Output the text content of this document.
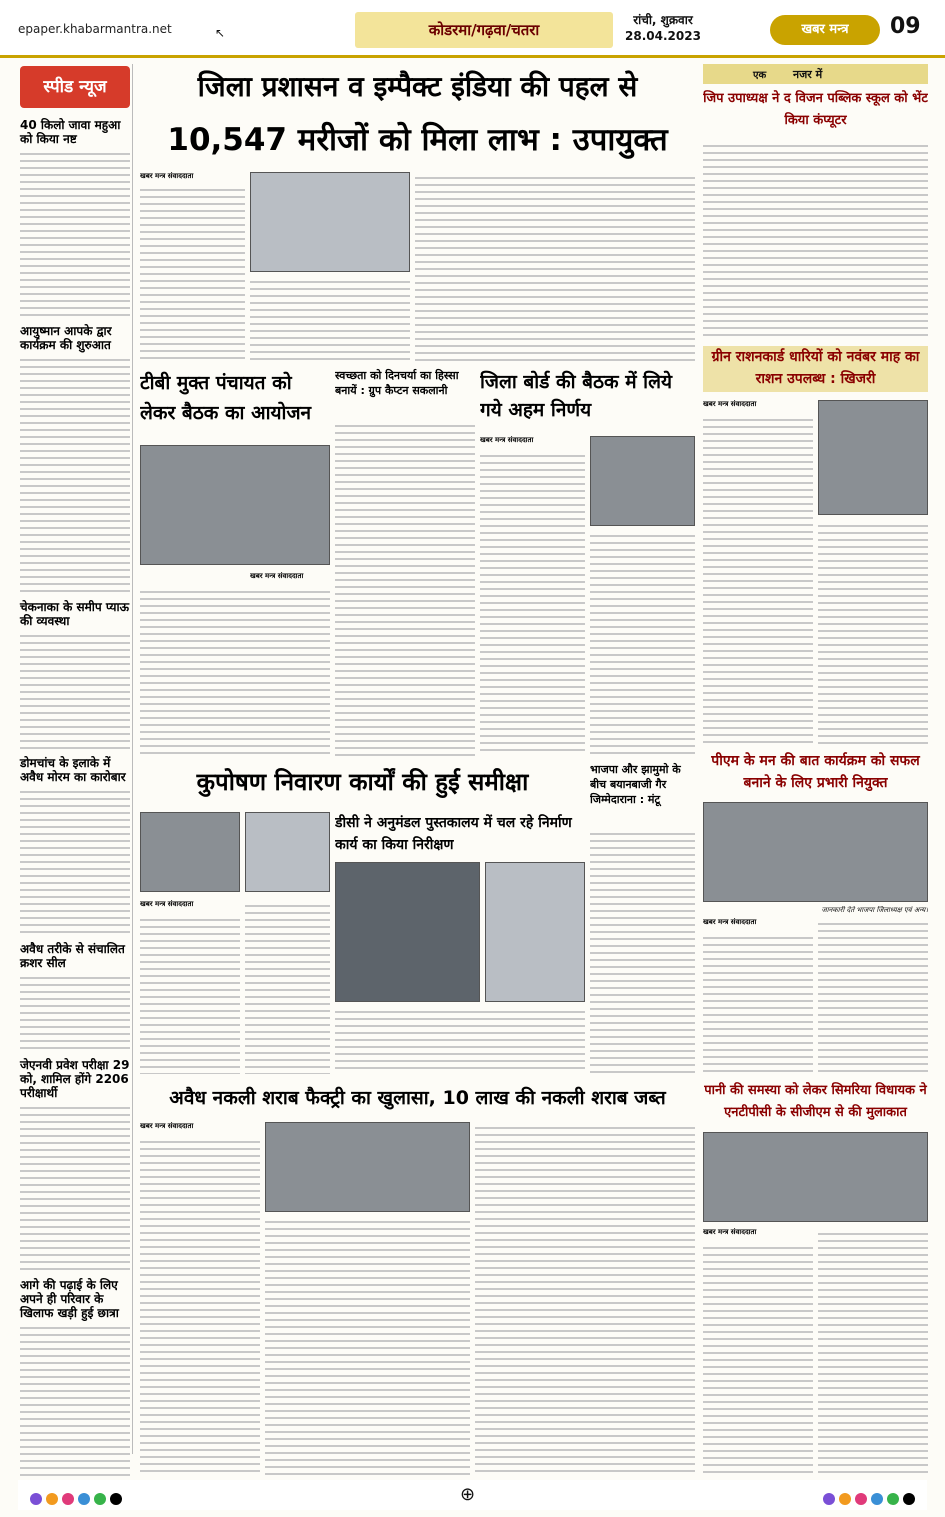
epaper.khabarmantra.net	↖	कोडरमा/गढ़वा/चतरा
रांची, शुक्रवार
28.04.2023	खबर मन्त्र	09
स्पीड न्यूज
40 किलो जावा महुआ को किया नष्ट
आयुष्मान आपके द्वार कार्यक्रम की शुरुआत
चेकनाका के समीप प्याऊ की व्यवस्था
डोमचांच के इलाके में अवैध मोरम का कारोबार
अवैध तरीके से संचालित क्रशर सील
जेएनवी प्रवेश परीक्षा 29 को, शामिल होंगे 2206 परीक्षार्थी
आगे की पढ़ाई के लिए अपने ही परिवार के खिलाफ खड़ी हुई छात्रा
जिला प्रशासन व इम्पैक्ट इंडिया की पहल से
10,547 मरीजों को मिला लाभ : उपायुक्त
खबर मन्त्र संवाददाता
टीबी मुक्त पंचायत को लेकर बैठक का आयोजन
खबर मन्त्र संवाददाता
स्वच्छता को दिनचर्या का हिस्सा बनायें : ग्रुप कैप्टन सकलानी	जिला बोर्ड की बैठक में लिये गये अहम निर्णय
खबर मन्त्र संवाददाता
कुपोषण निवारण कार्यों की हुई समीक्षा
खबर मन्त्र संवाददाता
डीसी ने अनुमंडल पुस्तकालय में चल रहे निर्माण कार्य का किया निरीक्षण
भाजपा और झामुमो के बीच बयानबाजी गैर जिम्मेदाराना : मंटू
अवैध नकली शराब फैक्ट्री का खुलासा, 10 लाख की नकली शराब जब्त
खबर मन्त्र संवाददाता
एक नजर में
जिप उपाध्यक्ष ने द विजन पब्लिक स्कूल को भेंट किया कंप्यूटर
ग्रीन राशनकार्ड धारियों को नवंबर माह का राशन उपलब्ध : खिजरी
खबर मन्त्र संवाददाता
पीएम के मन की बात कार्यक्रम को सफल बनाने के लिए प्रभारी नियुक्त
जानकारी देते भाजपा जिलाध्यक्ष एवं अन्य।
खबर मन्त्र संवाददाता
पानी की समस्या को लेकर सिमरिया विधायक ने एनटीपीसी के सीजीएम से की मुलाकात
खबर मन्त्र संवाददाता
⊕
